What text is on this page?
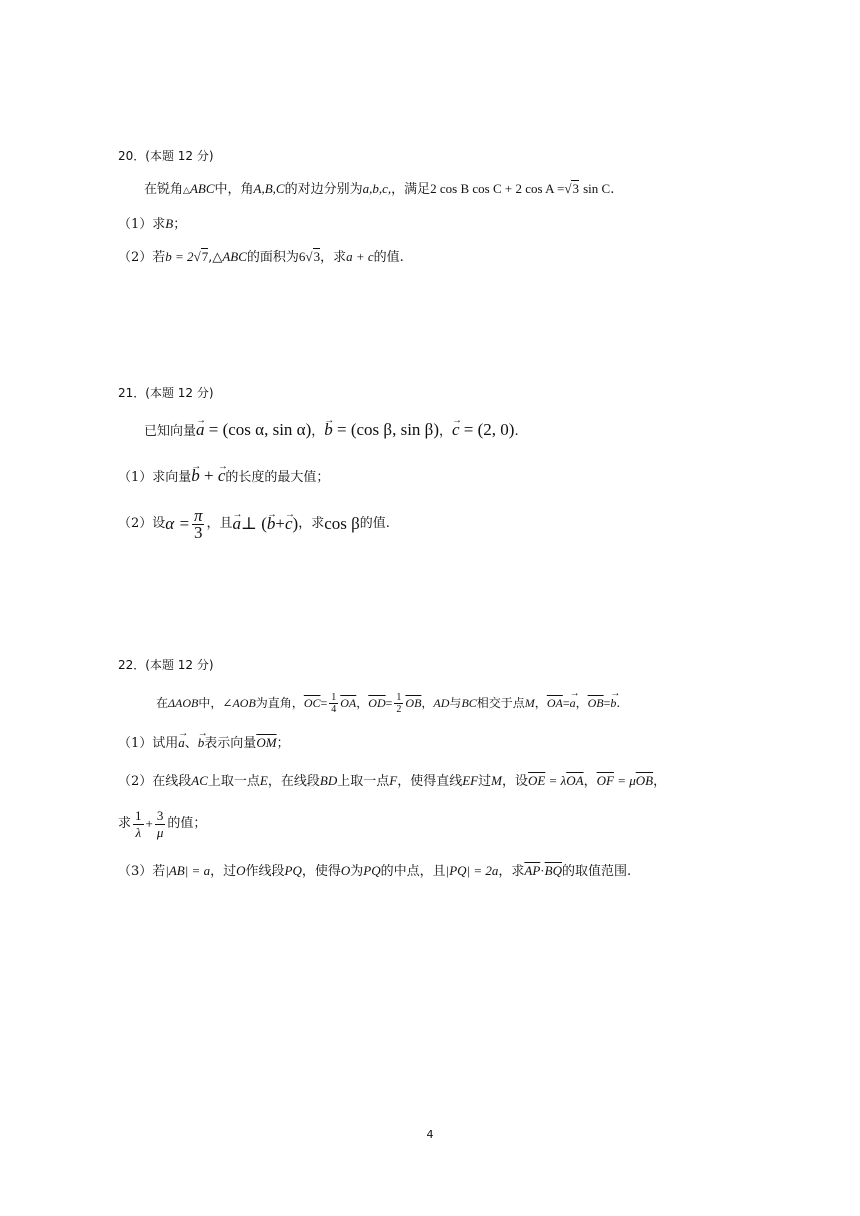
20．(本题 12 分)
在锐角△ABC中，角A,B,C的对边分别为a,b,c,，满足2 cos B cos C + 2 cos A =√3 sin C.
（1）求B；
（2）若b = 2√7,△ABC的面积为6√3，求a + c的值.
21．(本题 12 分)
已知向量→ a = (cos α, sin α)，→ b = (cos β, sin β)，→ c = (2, 0).
（1）求向量→ b + → c的长度的最大值；
（2）设 $\alpha = \frac{\pi}{3}$ ，且 → a ⊥ ( → b + → c ) ，求 cos β 的值.
22．(本题 12 分)
在 ΔAOB 中， ∠AOB 为直角， $\overline{OC} = \frac{1}{4} \overline{OA}$ ， $\overline{OD} = \frac{1}{2} \overline{OB}$ ， AD 与 BC 相交于点 M ， $\overline{OA}$ = → a ， $\overline{OB}$ = → b .
（1）试用→ a、→ b表示向量$\overline{OM}$；
（2）在线段AC上取一点E，在线段BD上取一点F，使得直线EF过M，设$\overline{OE} = \lambda\overline{OA}$，$\overline{OF} = \mu\overline{OB}$，
求 $\frac{1}{\lambda} + \frac{3}{\mu}$ 的值；
（3）若|AB| = a，过O作线段PQ，使得O为PQ的中点，且|PQ| = 2a，求$\overline{AP}\cdot\overline{BQ}$的取值范围.
4
